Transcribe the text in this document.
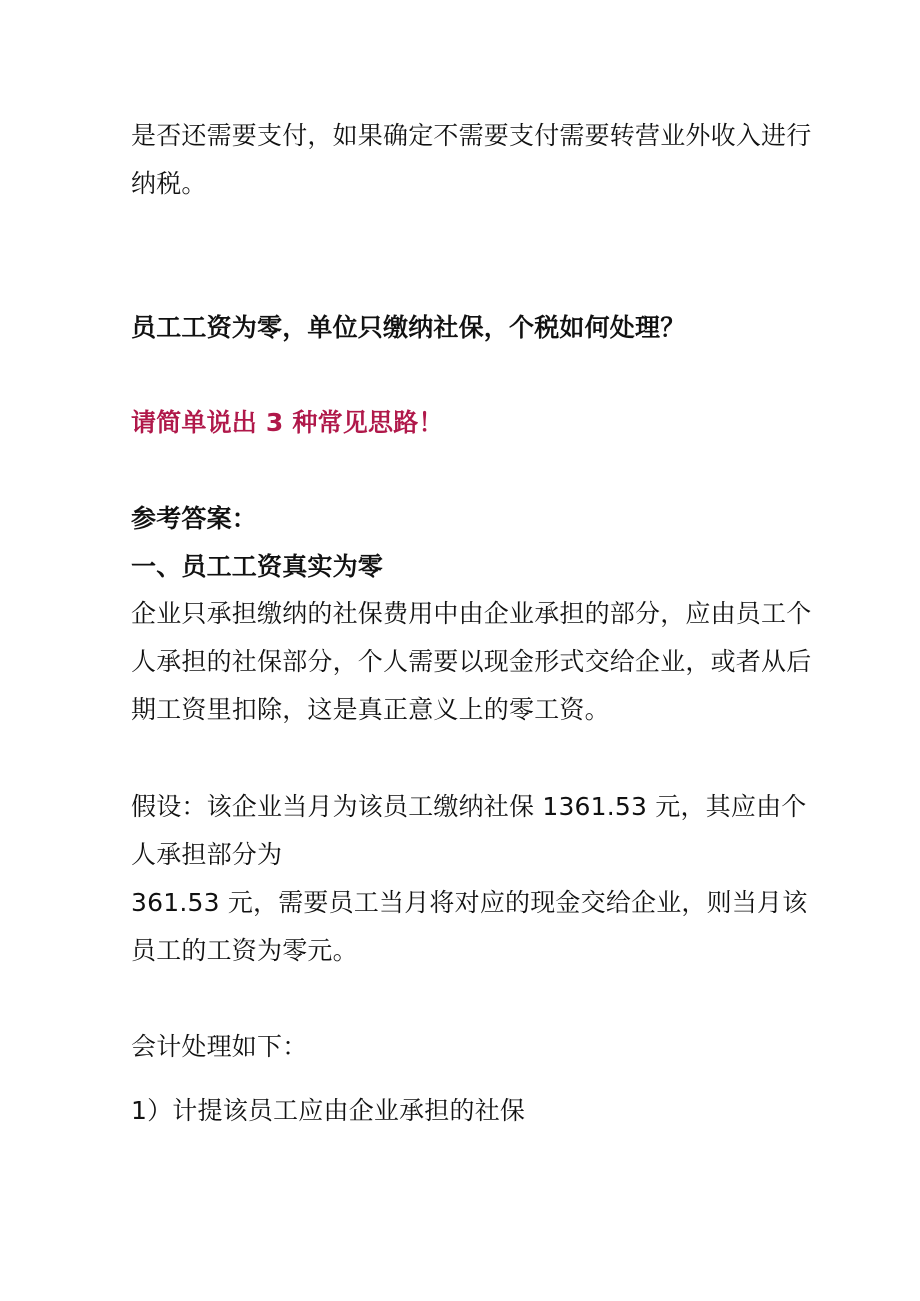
是否还需要支付，如果确定不需要支付需要转营业外收入进行
纳税。
员工工资为零，单位只缴纳社保，个税如何处理？
请简单说出 3 种常见思路！
参考答案：
一、员工工资真实为零
企业只承担缴纳的社保费用中由企业承担的部分，应由员工个
人承担的社保部分，个人需要以现金形式交给企业，或者从后
期工资里扣除，这是真正意义上的零工资。
假设：该企业当月为该员工缴纳社保 1361.53 元，其应由个
人承担部分为
361.53 元，需要员工当月将对应的现金交给企业，则当月该
员工的工资为零元。
会计处理如下：
1）计提该员工应由企业承担的社保
